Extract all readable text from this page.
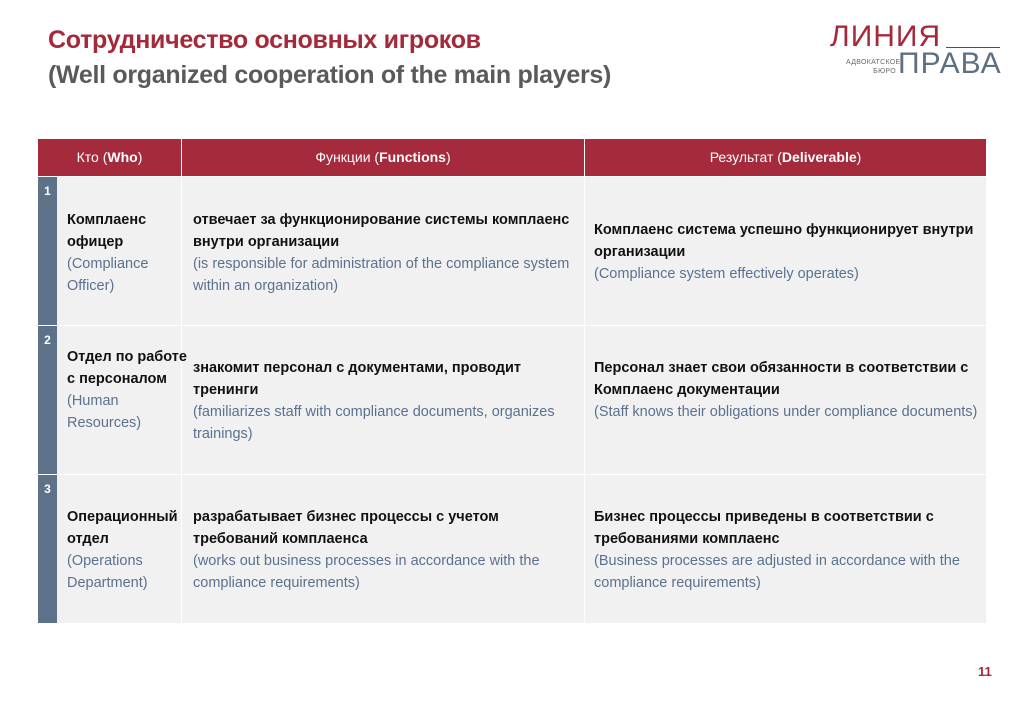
Сотрудничество основных игроков
(Well organized cooperation of the main players)
ЛИНИЯ
АДВОКАТСКОЕ
БЮРО ПРАВА
Кто (Who)	Функции (Functions)	Результат (Deliverable)
1
Комплаенс офицер
(Compliance Officer)
отвечает за функционирование системы комплаенс внутри организации
(is responsible for administration of the compliance system within an organization)
Комплаенс система успешно функционирует внутри организации
(Compliance system effectively operates)
2
Отдел по работе с персоналом
(Human Resources)
знакомит персонал с документами, проводит тренинги
(familiarizes staff with compliance documents, organizes trainings)
Персонал знает свои обязанности в соответствии с Комплаенс документации
(Staff knows their obligations under compliance documents)
3
Операционный отдел
(Operations Department)
разрабатывает бизнес процессы с учетом требований комплаенса
(works out business processes in accordance with the compliance requirements)
Бизнес процессы приведены в соответствии с требованиями комплаенс
(Business processes are adjusted in accordance with the compliance requirements)
11
